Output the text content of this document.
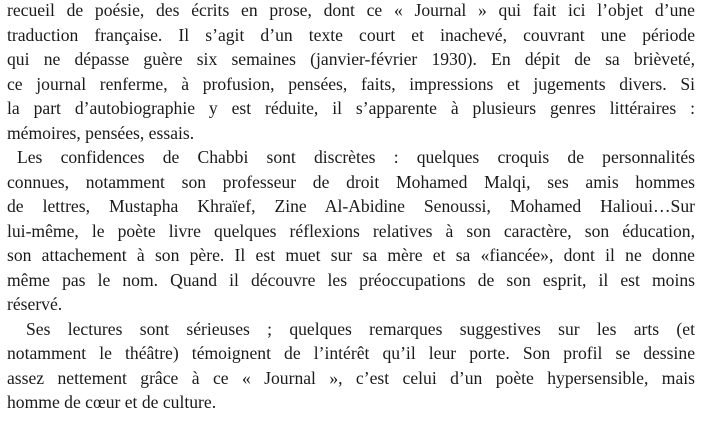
recueil de poésie, des écrits en prose, dont ce « Journal » qui fait ici l’objet d’une
traduction française. Il s’agit d’un texte court et inachevé, couvrant une période
qui ne dépasse guère six semaines (janvier-février 1930). En dépit de sa brièveté,
ce journal renferme, à profusion, pensées, faits, impressions et jugements divers. Si
la part d’autobiographie y est réduite, il s’apparente à plusieurs genres littéraires :
mémoires, pensées, essais.
Les confidences de Chabbi sont discrètes : quelques croquis de personnalités
connues, notamment son professeur de droit Mohamed Malqi, ses amis hommes
de lettres, Mustapha Khraïef, Zine Al-Abidine Senoussi, Mohamed Halioui…Sur
lui-même, le poète livre quelques réflexions relatives à son caractère, son éducation,
son attachement à son père. Il est muet sur sa mère et sa «fiancée», dont il ne donne
même pas le nom. Quand il découvre les préoccupations de son esprit, il est moins
réservé.
Ses lectures sont sérieuses ; quelques remarques suggestives sur les arts (et
notamment le théâtre) témoignent de l’intérêt qu’il leur porte. Son profil se dessine
assez nettement grâce à ce « Journal », c’est celui d’un poète hypersensible, mais
homme de cœur et de culture.
